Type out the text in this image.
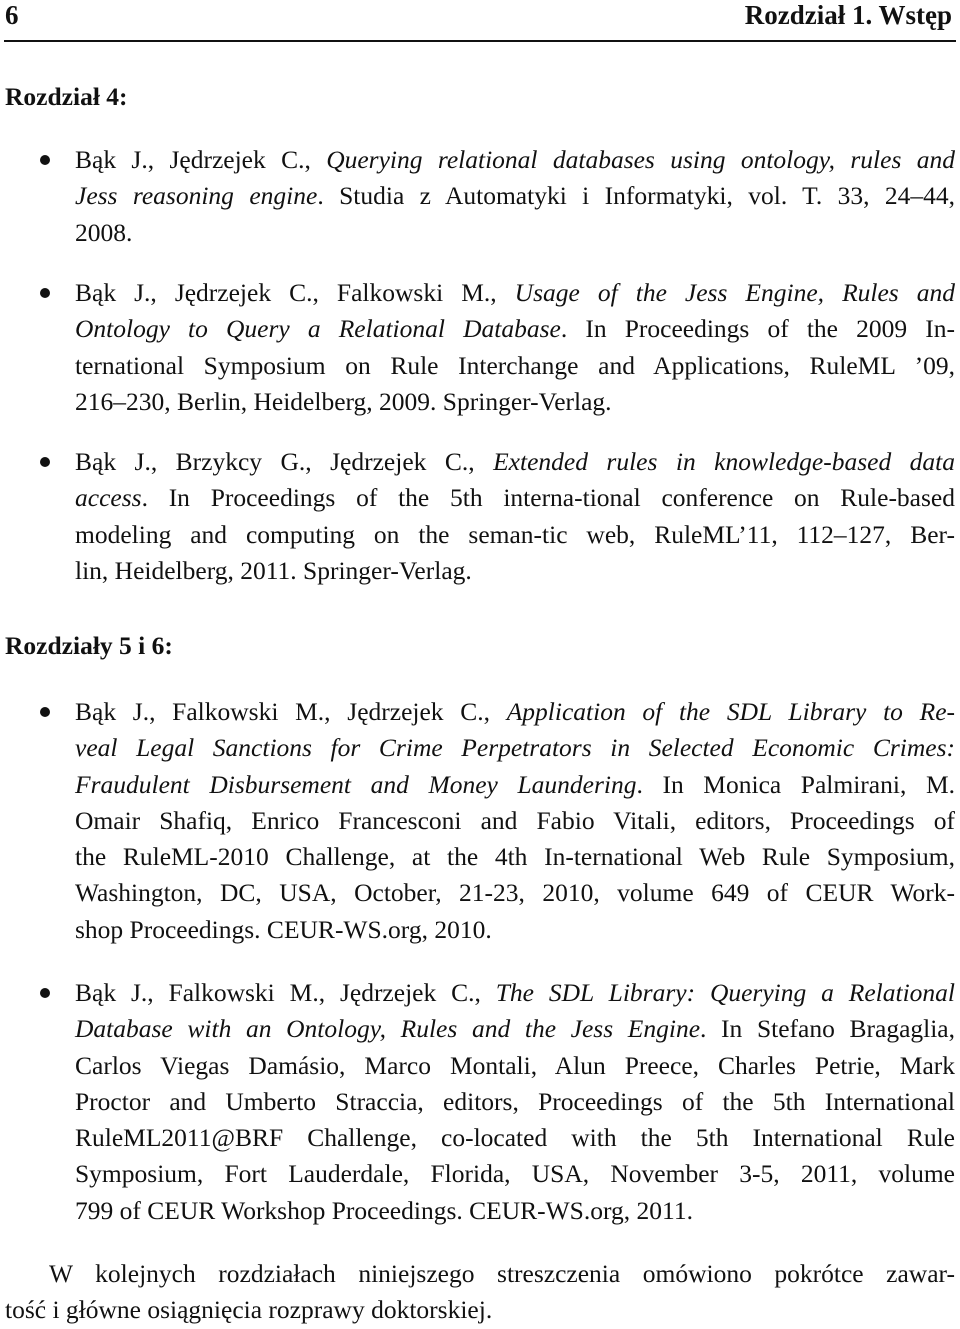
6	Rozdział 1. Wstęp
Rozdział 4:
Bąk J., Jędrzejek C., Querying relational databases using ontology, rules and
Jess reasoning engine. Studia z Automatyki i Informatyki, vol. T. 33, 24–44,
2008.
Bąk J., Jędrzejek C., Falkowski M., Usage of the Jess Engine, Rules and
Ontology to Query a Relational Database. In Proceedings of the 2009 In-
ternational Symposium on Rule Interchange and Applications, RuleML ’09,
216–230, Berlin, Heidelberg, 2009. Springer-Verlag.
Bąk J., Brzykcy G., Jędrzejek C., Extended rules in knowledge-based data
access. In Proceedings of the 5th interna-tional conference on Rule-based
modeling and computing on the seman-tic web, RuleML’11, 112–127, Ber-
lin, Heidelberg, 2011. Springer-Verlag.
Rozdziały 5 i 6:
Bąk J., Falkowski M., Jędrzejek C., Application of the SDL Library to Re-
veal Legal Sanctions for Crime Perpetrators in Selected Economic Crimes:
Fraudulent Disbursement and Money Laundering. In Monica Palmirani, M.
Omair Shafiq, Enrico Francesconi and Fabio Vitali, editors, Proceedings of
the RuleML-2010 Challenge, at the 4th In-ternational Web Rule Symposium,
Washington, DC, USA, October, 21-23, 2010, volume 649 of CEUR Work-
shop Proceedings. CEUR-WS.org, 2010.
Bąk J., Falkowski M., Jędrzejek C., The SDL Library: Querying a Relational
Database with an Ontology, Rules and the Jess Engine. In Stefano Bragaglia,
Carlos Viegas Damásio, Marco Montali, Alun Preece, Charles Petrie, Mark
Proctor and Umberto Straccia, editors, Proceedings of the 5th International
RuleML2011@BRF Challenge, co-located with the 5th International Rule
Symposium, Fort Lauderdale, Florida, USA, November 3-5, 2011, volume
799 of CEUR Workshop Proceedings. CEUR-WS.org, 2011.
W kolejnych rozdziałach niniejszego streszczenia omówiono pokrótce zawar-
tość i główne osiągnięcia rozprawy doktorskiej.
